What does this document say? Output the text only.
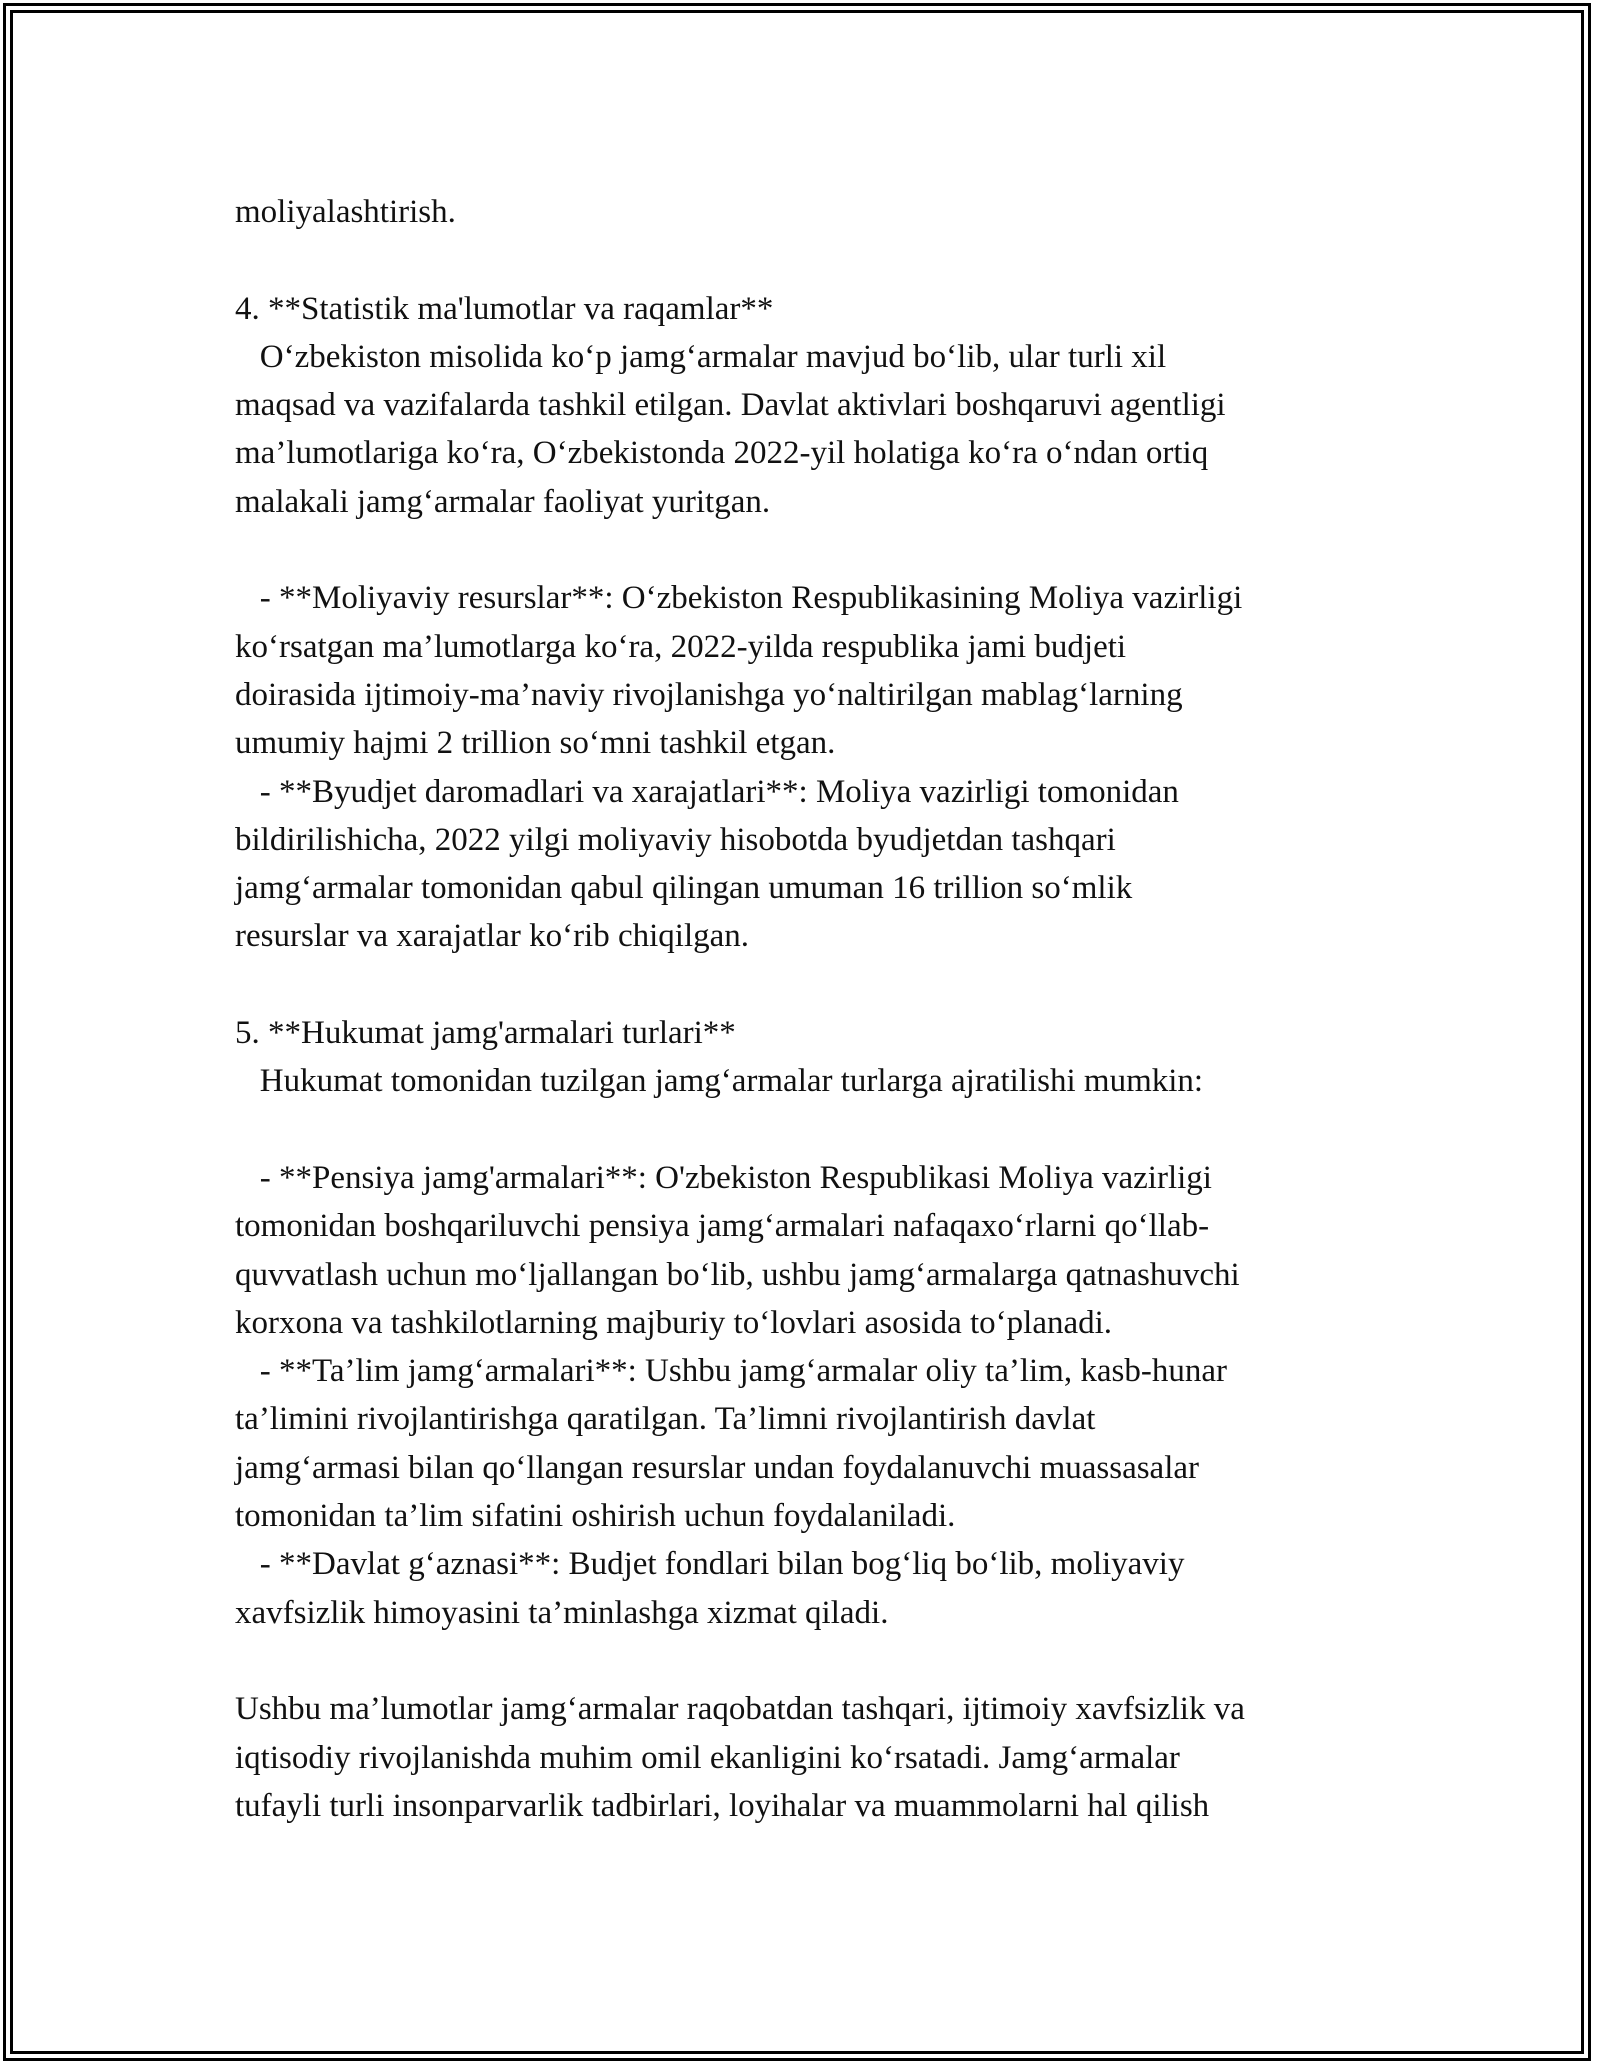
moliyalashtirish.
4. **Statistik ma'lumotlar va raqamlar**
O‘zbekiston misolida ko‘p jamg‘armalar mavjud bo‘lib, ular turli xil
maqsad va vazifalarda tashkil etilgan. Davlat aktivlari boshqaruvi agentligi
ma’lumotlariga ko‘ra, O‘zbekistonda 2022-yil holatiga ko‘ra o‘ndan ortiq
malakali jamg‘armalar faoliyat yuritgan.
- **Moliyaviy resurslar**: O‘zbekiston Respublikasining Moliya vazirligi
ko‘rsatgan ma’lumotlarga ko‘ra, 2022-yilda respublika jami budjeti
doirasida ijtimoiy-ma’naviy rivojlanishga yo‘naltirilgan mablag‘larning
umumiy hajmi 2 trillion so‘mni tashkil etgan.
- **Byudjet daromadlari va xarajatlari**: Moliya vazirligi tomonidan
bildirilishicha, 2022 yilgi moliyaviy hisobotda byudjetdan tashqari
jamg‘armalar tomonidan qabul qilingan umuman 16 trillion so‘mlik
resurslar va xarajatlar ko‘rib chiqilgan.
5. **Hukumat jamg'armalari turlari**
Hukumat tomonidan tuzilgan jamg‘armalar turlarga ajratilishi mumkin:
- **Pensiya jamg'armalari**: O'zbekiston Respublikasi Moliya vazirligi
tomonidan boshqariluvchi pensiya jamg‘armalari nafaqaxo‘rlarni qo‘llab-
quvvatlash uchun mo‘ljallangan bo‘lib, ushbu jamg‘armalarga qatnashuvchi
korxona va tashkilotlarning majburiy to‘lovlari asosida to‘planadi.
- **Ta’lim jamg‘armalari**: Ushbu jamg‘armalar oliy ta’lim, kasb-hunar
ta’limini rivojlantirishga qaratilgan. Ta’limni rivojlantirish davlat
jamg‘armasi bilan qo‘llangan resurslar undan foydalanuvchi muassasalar
tomonidan ta’lim sifatini oshirish uchun foydalaniladi.
- **Davlat g‘aznasi**: Budjet fondlari bilan bog‘liq bo‘lib, moliyaviy
xavfsizlik himoyasini ta’minlashga xizmat qiladi.
Ushbu ma’lumotlar jamg‘armalar raqobatdan tashqari, ijtimoiy xavfsizlik va
iqtisodiy rivojlanishda muhim omil ekanligini ko‘rsatadi. Jamg‘armalar
tufayli turli insonparvarlik tadbirlari, loyihalar va muammolarni hal qilish
